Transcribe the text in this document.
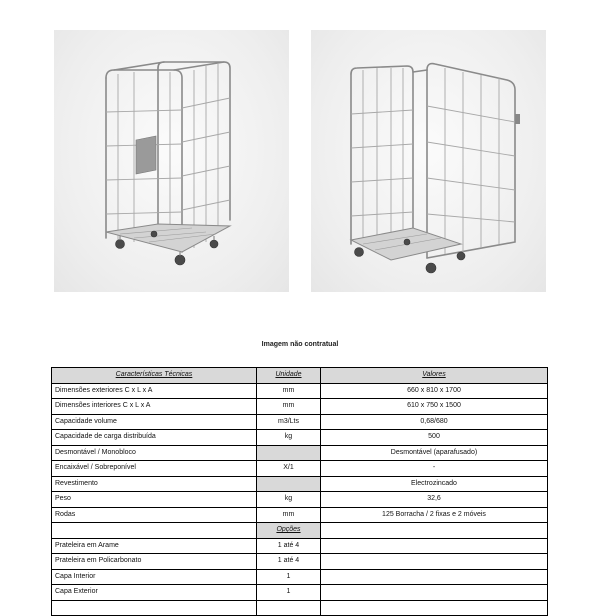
Imagem não contratual
Características Técnicas	Unidade	Valores
Dimensões exteriores C x L x A	mm	660 x 810 x 1700
Dimensões interiores C x L x A	mm	610 x 750 x 1500
Capacidade volume	m3/Lts	0,68/680
Capacidade de carga distribuída	kg	500
Desmontável / Monobloco		Desmontável (aparafusado)
Encaixável / Sobreponível	X/1	-
Revestimento		Electrozincado
Peso	kg	32,6
Rodas	mm	125 Borracha / 2 fixas e 2 móveis
	Opções	
Prateleira em Arame	1 até 4	
Prateleira em Policarbonato	1 até 4	
Capa Interior	1	
Capa Exterior	1	
